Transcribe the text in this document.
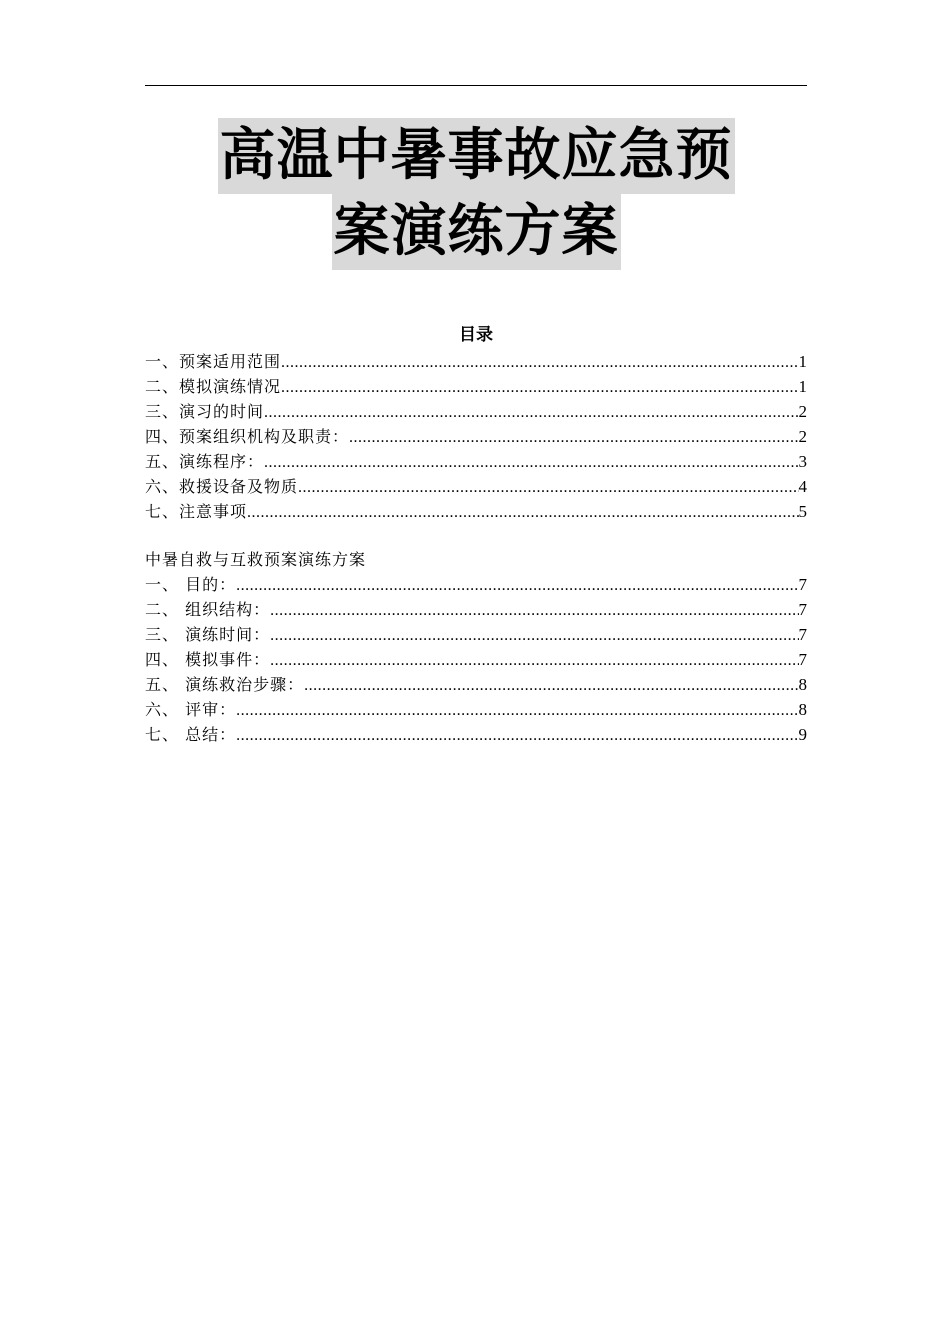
高温中暑事故应急预
案演练方案
目录
一、预案适用范围 .....	1
二、模拟演练情况 .....	1
三、演习的时间 .....	2
四、预案组织机构及职责： .....	2
五、演练程序： .....	3
六、救援设备及物质 .....	4
七、注意事项 .....	5
中暑自救与互救预案演练方案
一、 目的： .....	7
二、 组织结构： .....	7
三、 演练时间： .....	7
四、 模拟事件： .....	7
五、 演练救治步骤： .....	8
六、 评审： .....	8
七、 总结： .....	9
